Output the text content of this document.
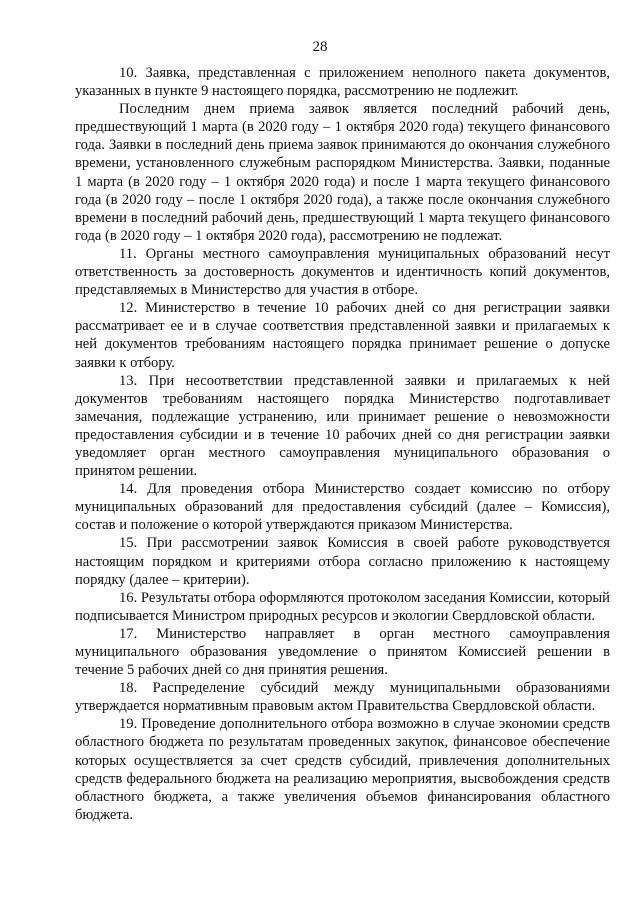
28

10. Заявка, представленная с приложением неполного пакета документов, указанных в пункте 9 настоящего порядка, рассмотрению не подлежит.

Последним днем приема заявок является последний рабочий день, предшествующий 1 марта (в 2020 году – 1 октября 2020 года) текущего финансового года. Заявки в последний день приема заявок принимаются до окончания служебного времени, установленного служебным распорядком Министерства. Заявки, поданные 1 марта (в 2020 году – 1 октября 2020 года) и после 1 марта текущего финансового года (в 2020 году – после 1 октября 2020 года), а также после окончания служебного времени в последний рабочий день, предшествующий 1 марта текущего финансового года (в 2020 году – 1 октября 2020 года), рассмотрению не подлежат.

11. Органы местного самоуправления муниципальных образований несут ответственность за достоверность документов и идентичность копий документов, представляемых в Министерство для участия в отборе.

12. Министерство в течение 10 рабочих дней со дня регистрации заявки рассматривает ее и в случае соответствия представленной заявки и прилагаемых к ней документов требованиям настоящего порядка принимает решение о допуске заявки к отбору.

13. При несоответствии представленной заявки и прилагаемых к ней документов требованиям настоящего порядка Министерство подготавливает замечания, подлежащие устранению, или принимает решение о невозможности предоставления субсидии и в течение 10 рабочих дней со дня регистрации заявки уведомляет орган местного самоуправления муниципального образования о принятом решении.

14. Для проведения отбора Министерство создает комиссию по отбору муниципальных образований для предоставления субсидий (далее – Комиссия), состав и положение о которой утверждаются приказом Министерства.

15. При рассмотрении заявок Комиссия в своей работе руководствуется настоящим порядком и критериями отбора согласно приложению к настоящему порядку (далее – критерии).

16. Результаты отбора оформляются протоколом заседания Комиссии, который подписывается Министром природных ресурсов и экологии Свердловской области.

17. Министерство направляет в орган местного самоуправления муниципального образования уведомление о принятом Комиссией решении в течение 5 рабочих дней со дня принятия решения.

18. Распределение субсидий между муниципальными образованиями утверждается нормативным правовым актом Правительства Свердловской области.

19. Проведение дополнительного отбора возможно в случае экономии средств областного бюджета по результатам проведенных закупок, финансовое обеспечение которых осуществляется за счет средств субсидий, привлечения дополнительных средств федерального бюджета на реализацию мероприятия, высвобождения средств областного бюджета, а также увеличения объемов финансирования областного бюджета.
